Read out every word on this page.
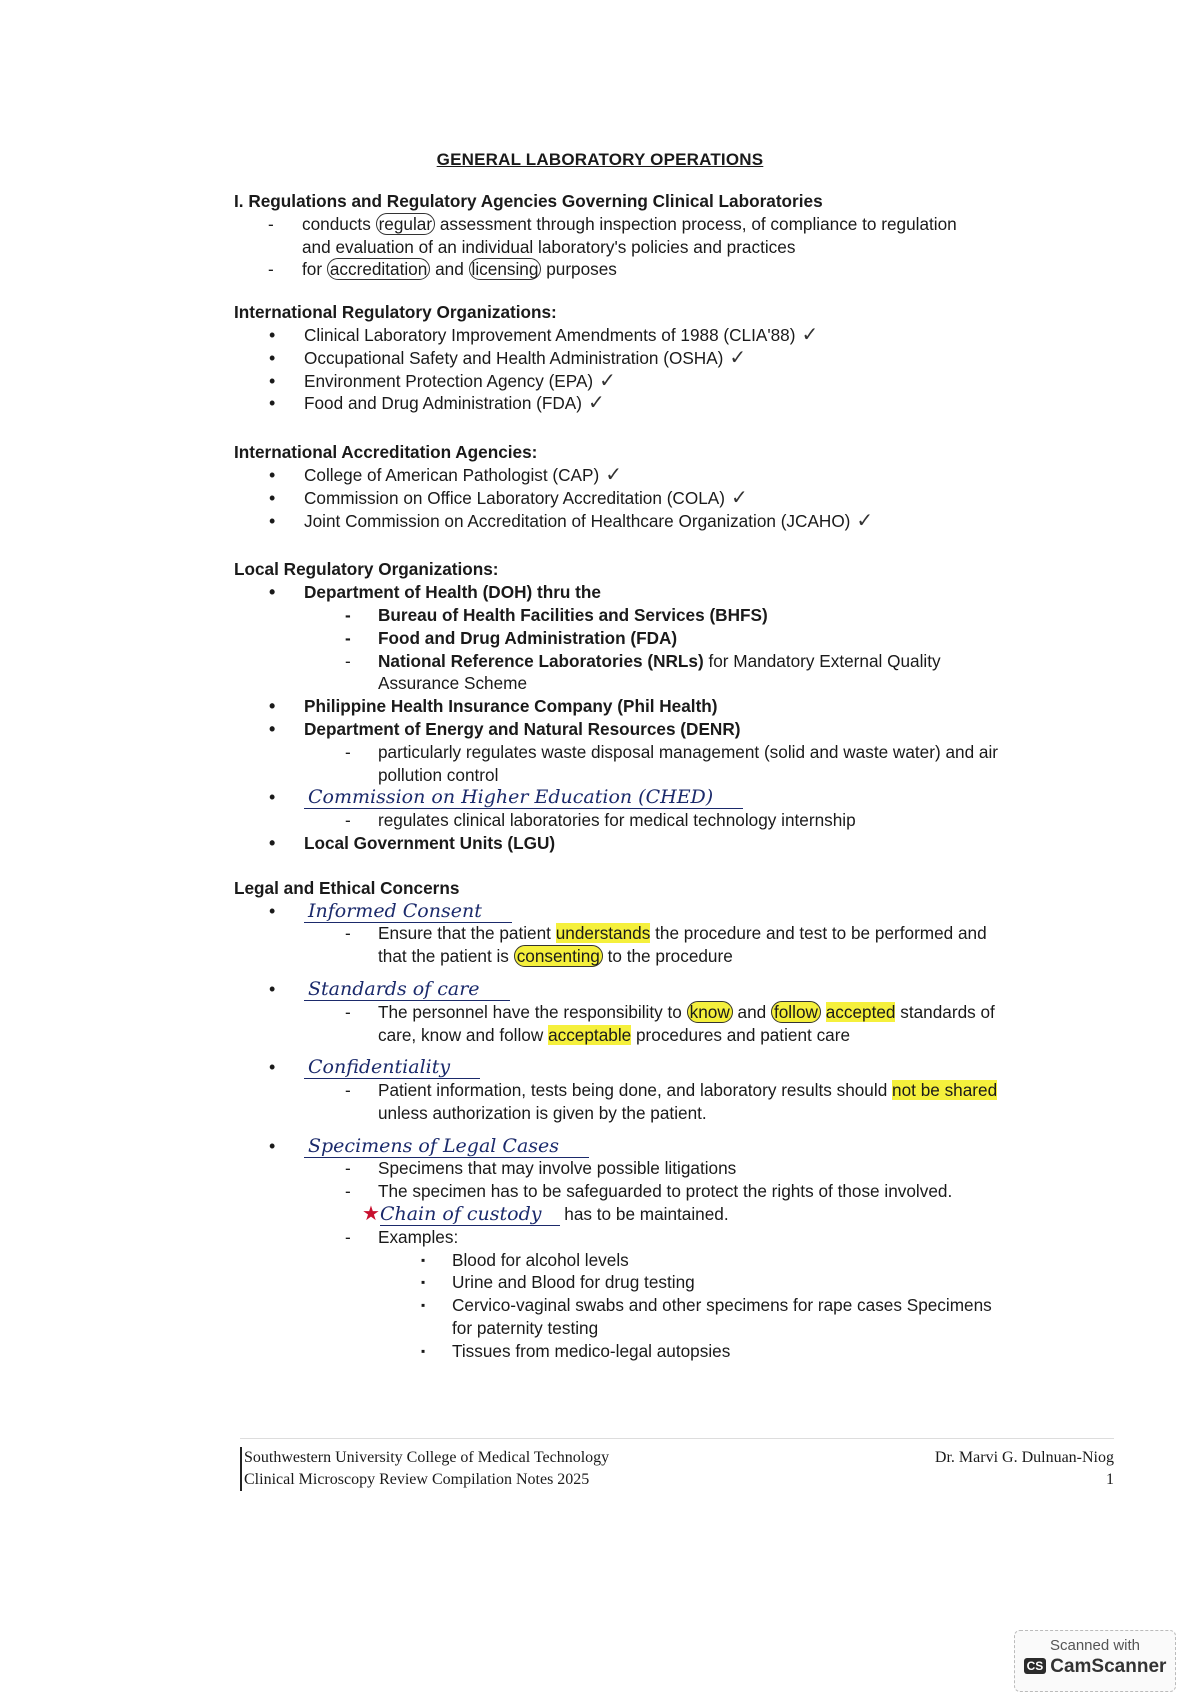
GENERAL LABORATORY OPERATIONS
I. Regulations and Regulatory Agencies Governing Clinical Laboratories
- conducts regular assessment through inspection process, of compliance to regulation
and evaluation of an individual laboratory's policies and practices
- for accreditation and licensing purposes
International Regulatory Organizations:
• Clinical Laboratory Improvement Amendments of 1988 (CLIA'88) ✓
• Occupational Safety and Health Administration (OSHA) ✓
• Environment Protection Agency (EPA) ✓
• Food and Drug Administration (FDA) ✓
International Accreditation Agencies:
• College of American Pathologist (CAP) ✓
• Commission on Office Laboratory Accreditation (COLA) ✓
• Joint Commission on Accreditation of Healthcare Organization (JCAHO) ✓
Local Regulatory Organizations:
• Department of Health (DOH) thru the
- Bureau of Health Facilities and Services (BHFS)
- Food and Drug Administration (FDA)
- National Reference Laboratories (NRLs) for Mandatory External Quality
Assurance Scheme
• Philippine Health Insurance Company (Phil Health)
• Department of Energy and Natural Resources (DENR)
- particularly regulates waste disposal management (solid and waste water) and air
pollution control
• Commission on Higher Education (CHED)
- regulates clinical laboratories for medical technology internship
• Local Government Units (LGU)
Legal and Ethical Concerns
• Informed Consent
- Ensure that the patient understands the procedure and test to be performed and
that the patient is consenting to the procedure
• Standards of care
- The personnel have the responsibility to know and follow accepted standards of
care, know and follow acceptable procedures and patient care
• Confidentiality
- Patient information, tests being done, and laboratory results should not be shared
unless authorization is given by the patient.
• Specimens of Legal Cases
- Specimens that may involve possible litigations
- The specimen has to be safeguarded to protect the rights of those involved.
★Chain of custody has to be maintained.
- Examples:
▪ Blood for alcohol levels
▪ Urine and Blood for drug testing
▪ Cervico-vaginal swabs and other specimens for rape cases Specimens
for paternity testing
▪ Tissues from medico-legal autopsies
Southwestern University College of Medical Technology
Clinical Microscopy Review Compilation Notes 2025
Dr. Marvi G. Dulnuan-Niog
1
Scanned with
CS CamScanner
